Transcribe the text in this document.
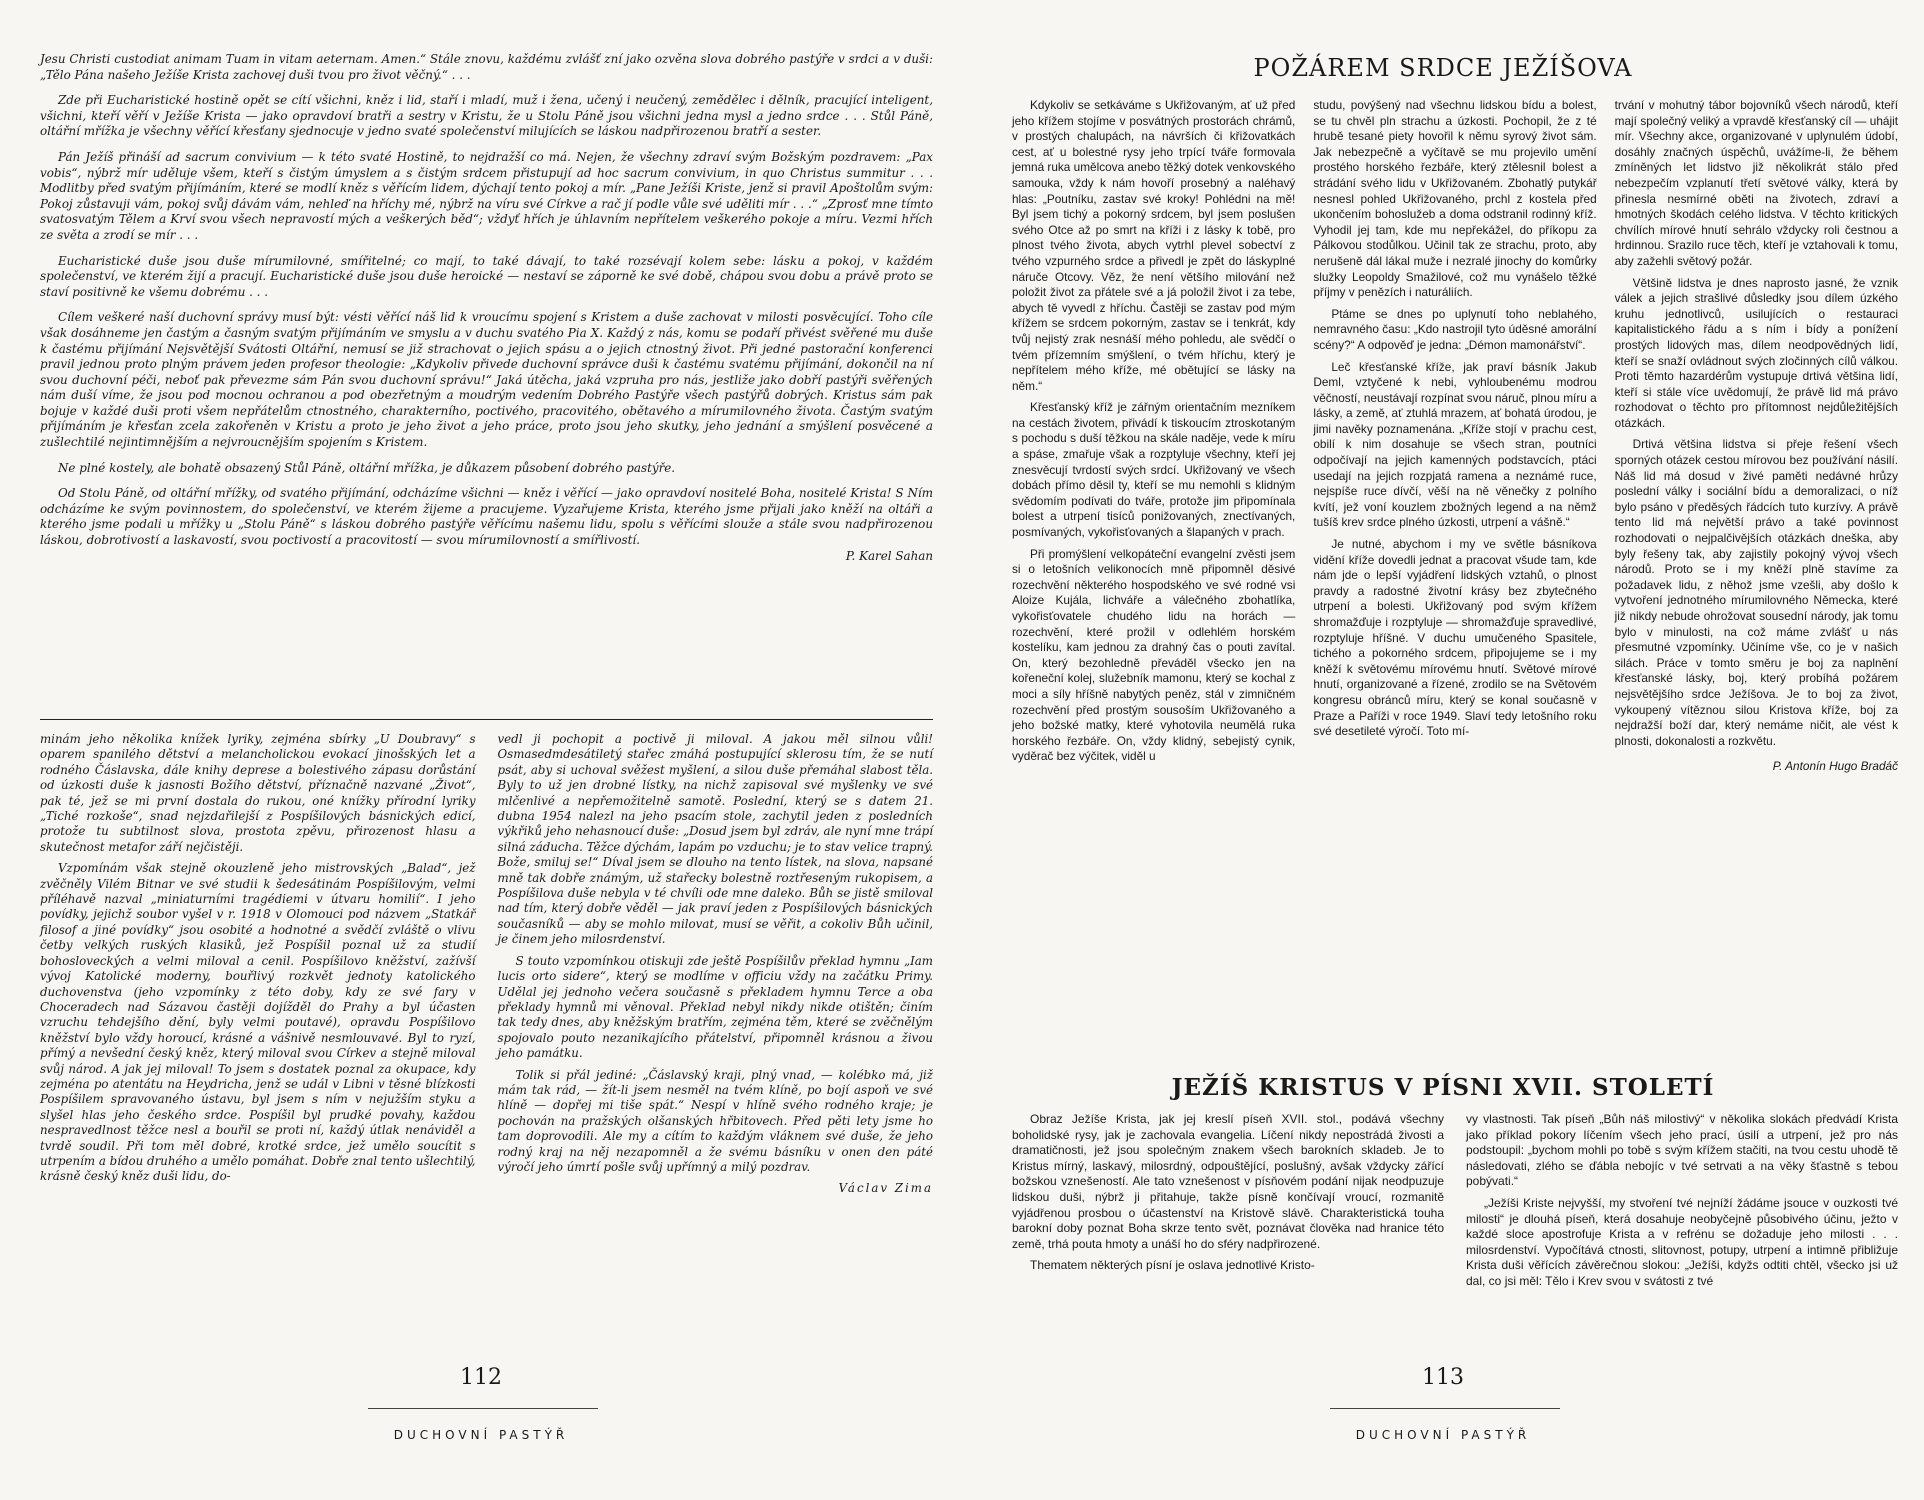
Jesu Christi custodiat animam Tuam in vitam aeternam. Amen.“ Stále znovu, každému zvlášť zní jako ozvěna slova dobrého pastýře v srdci a v duši: „Tělo Pána našeho Ježíše Krista zachovej duši tvou pro život věčný.“ . . .

Zde při Eucharistické hostině opět se cítí všichni, kněz i lid, staří i mladí, muž i žena, učený i neučený, zemědělec i dělník, pracující inteligent, všichni, kteří věří v Ježíše Krista — jako opravdoví bratři a sestry v Kristu, že u Stolu Páně jsou všichni jedna mysl a jedno srdce . . . Stůl Páně, oltářní mřížka je všechny věřící křesťany sjednocuje v jedno svaté společenství milujících se láskou nadpřirozenou bratří a sester.

Pán Ježíš přináší ad sacrum convivium — k této svaté Hostině, to nejdražší co má. Nejen, že všechny zdraví svým Božským pozdravem: „Pax vobis“, nýbrž mír uděluje všem, kteří s čistým úmyslem a s čistým srdcem přistupují ad hoc sacrum convivium, in quo Christus summitur . . . Modlitby před svatým přijímáním, které se modlí kněz s věřícím lidem, dýchají tento pokoj a mír. „Pane Ježíši Kriste, jenž si pravil Apoštolům svým: Pokoj zůstavuji vám, pokoj svůj dávám vám, nehleď na hříchy mé, nýbrž na víru své Církve a rač jí podle vůle své uděliti mír . . .“ „Zprosť mne tímto svatosvatým Tělem a Krví svou všech nepravostí mých a veškerých běd“; vždyť hřích je úhlavním nepřítelem veškerého pokoje a míru. Vezmi hřích ze světa a zrodí se mír . . .

Eucharistické duše jsou duše mírumilovné, smířitelné; co mají, to také dávají, to také rozsévají kolem sebe: lásku a pokoj, v každém společenství, ve kterém žijí a pracují. Eucharistické duše jsou duše heroické — nestaví se záporně ke své době, chápou svou dobu a právě proto se staví positivně ke všemu dobrému . . .

Cílem veškeré naší duchovní správy musí být: vésti věřící náš lid k vroucímu spojení s Kristem a duše zachovat v milosti posvěcující. Toho cíle však dosáhneme jen častým a časným svatým přijímáním ve smyslu a v duchu svatého Pia X. Každý z nás, komu se podaří přivést svěřené mu duše k častému přijímání Nejsvětější Svátosti Oltářní, nemusí se již strachovat o jejich spásu a o jejich ctnostný život. Při jedné pastorační konferenci pravil jednou proto plným právem jeden profesor theologie: „Kdykoliv přivede duchovní správce duši k častému svatému přijímání, dokončil na ní svou duchovní péči, neboť pak převezme sám Pán svou duchovní správu!“ Jaká útěcha, jaká vzpruha pro nás, jestliže jako dobří pastýři svěřených nám duší víme, že jsou pod mocnou ochranou a pod obezřetným a moudrým vedením Dobrého Pastýře všech pastýřů dobrých. Kristus sám pak bojuje v každé duši proti všem nepřátelům ctnostného, charakterního, poctivého, pracovitého, obětavého a mírumilovného života. Častým svatým přijímáním je křesťan zcela zakořeněn v Kristu a proto je jeho život a jeho práce, proto jsou jeho skutky, jeho jednání a smýšlení posvěcené a zušlechtilé nejintimnějším a nejvroucnějším spojením s Kristem.

Ne plné kostely, ale bohatě obsazený Stůl Páně, oltářní mřížka, je důkazem působení dobrého pastýře.

Od Stolu Páně, od oltářní mřížky, od svatého přijímání, odcházíme všichni — kněz i věřící — jako opravdoví nositelé Boha, nositelé Krista! S Ním odcházíme ke svým povinnostem, do společenství, ve kterém žijeme a pracujeme. Vyzařujeme Krista, kterého jsme přijali jako kněží na oltáři a kterého jsme podali u mřížky u „Stolu Páně“ s láskou dobrého pastýře věřícímu našemu lidu, spolu s věřícími slouže a stále svou nadpřirozenou láskou, dobrotivostí a laskavostí, svou poctivostí a pracovitostí — svou mírumilovností a smířlivostí.

P. Karel Sahan

minám jeho několika knížek lyriky, zejména sbírky „U Doubravy“ s oparem spanilého dětství a melancholickou evokací jinošských let a rodného Čáslavska, dále knihy deprese a bolestivého zápasu dorůstání od úzkosti duše k jasnosti Božího dětství, příznačně nazvané „Život“, pak té, jež se mi první dostala do rukou, oné knížky přírodní lyriky „Tiché rozkoše“, snad nejzdařilejší z Pospíšilových básnických edicí, protože tu subtilnost slova, prostota zpěvu, přirozenost hlasu a skutečnost metafor září nejčistěji.

Vzpomínám však stejně okouzleně jeho mistrovských „Balad“, jež zvěčněly Vilém Bitnar ve své studii k šedesátinám Pospíšilovým, velmi příléhavě nazval „miniaturními tragédiemi v útvaru homilií“. I jeho povídky, jejichž soubor vyšel v r. 1918 v Olomouci pod názvem „Statkář filosof a jiné povídky“ jsou osobité a hodnotné a svědčí zvláště o vlivu četby velkých ruských klasiků, jež Pospíšil poznal už za studií bohoslovecký́ch a velmi miloval a cenil. Pospíšilovo kněžství, zažívší vývoj Katolické moderny, bouřlivý rozkvět jednoty katolického duchovenstva (jeho vzpomínky z této doby, kdy ze své fary v Choceradech nad Sázavou častěji dojížděl do Prahy a byl účasten vzruchu tehdejšího dění, byly velmi poutavé), opravdu Pospíšilovo kněžství bylo vždy horoucí, krásné a vášnivě nesmlouvavé. Byl to ryzí, přímý a nevšední český kněz, který miloval svou Církev a stejně miloval svůj národ. A jak jej miloval! To jsem s dostatek poznal za okupace, kdy zejména po atentátu na Heydricha, jenž se udál v Libni v těsné blízkosti Pospíšilem spravovaného ústavu, byl jsem s ním v nejužším styku a slyšel hlas jeho českého srdce. Pospíšil byl prudké povahy, každou nespravedlnost těžce nesl a bouřil se proti ní, každý útlak nenáviděl a tvrdě soudil. Při tom měl dobré, krotké srdce, jež umělo soucítit s utrpením a bídou druhého a umělo pomáhat. Dobře znal tento ušlechtilý, krásně český kněz duši lidu, do-

vedl ji pochopit a poctivě ji miloval. A jakou měl silnou vůli! Osmasedmdesátiletý stařec zmáhá postupující sklerosu tím, že se nutí psát, aby si uchoval svěžest myšlení, a silou duše přemáhal slabost těla. Byly to už jen drobné lístky, na nichž zapisoval své myšlenky ve své mlčenlivé a nepřemožitelně samotě. Poslední, který se s datem 21. dubna 1954 nalezl na jeho psacím stole, zachytil jeden z posledních výkřiků jeho nehasnoucí duše: „Dosud jsem byl zdráv, ale nyní mne trápí silná záducha. Těžce dýchám, lapám po vzduchu; je to stav velice trapný. Bože, smiluj se!“ Díval jsem se dlouho na tento lístek, na slova, napsané mně tak dobře známým, už stařecky bolestně roztřeseným rukopisem, a Pospíšilova duše nebyla v té chvíli ode mne daleko. Bůh se jistě smiloval nad tím, který dobře věděl — jak praví jeden z Pospíšilových básnických současníků — aby se mohlo milovat, musí se věřit, a cokoliv Bůh učinil, je činem jeho milosrdenství.

S touto vzpomínkou otiskuji zde ještě Pospíšilův překlad hymnu „Iam lucis orto sidere“, který se modlíme v officiu vždy na začátku Primy. Udělal jej jednoho večera současně s překladem hymnu Terce a oba překlady hymnů mi věnoval. Překlad nebyl nikdy nikde otištěn; činím tak tedy dnes, aby kněžským bratřím, zejména těm, které se zvěčnělým spojovalo pouto nezanikajícího přátelství, připomněl krásnou a živou jeho památku.

Tolik si přál jediné: „Čáslavský kraji, plný vnad, — kolébko má, již mám tak rád, — žít-li jsem nesměl na tvém klíně, po bojí aspoň ve své hlíně — dopřej mi tiše spát.“ Nespí v hlíně svého rodného kraje; je pochován na pražských olšanských hřbitovech. Před pěti lety jsme ho tam doprovodili. Ale my a cítím to každým vláknem své duše, že jeho rodný kraj na něj nezapomněl a že svému básníku v onen den páté výročí jeho úmrtí pošle svůj upřímný a milý pozdrav.

Václav Zima
112
DUCHOVNÍ PASTÝŘ
POŽÁREM SRDCE JEŽÍŠOVA

Kdykoliv se setkáváme s Ukřižovaným, ať už před jeho křížem stojíme v posvátných prostorách chrámů, v prostých chalupách, na návrších či křižovatkách cest, ať u bolestné rysy jeho trpící tváře formovala jemná ruka umělcova anebo těžký dotek venkovského samouka, vždy k nám hovoří prosebný a naléhavý hlas: „Poutníku, zastav své kroky! Pohlédni na mě! Byl jsem tichý a pokorný srdcem, byl jsem poslušen svého Otce až po smrt na kříži i z lásky k tobě, pro plnost tvého života, abych vytrhl plevel sobectví z tvého vzpurného srdce a přivedl je zpět do láskyplné náruče Otcovy. Věz, že není většího milování než položit život za přátele své a já položil život i za tebe, abych tě vyvedl z hříchu. Častěji se zastav pod mým křížem se srdcem pokorným, zastav se i tenkrát, kdy tvůj nejistý zrak nesnáší mého pohledu, ale svědčí o tvém přízemním smýšlení, o tvém hříchu, který je nepřítelem mého kříže, mé obětující se lásky na něm.“

Křesťanský kříž je zářným orientačním mezníkem na cestách životem, přivádí k tiskoucím ztroskotaným s pochodu s duší těžkou na skále naděje, vede k míru a spáse, zmařuje však a rozptyluje všechny, kteří jej znesvěcují tvrdostí svých srdcí. Ukřižovaný ve všech dobách přímo děsil ty, kteří se mu nemohli s klidným svědomím podívati do tváře, protože jim připomínala bolest a utrpení tisíců ponižovaných, znectívaných, posmívaných, vykořisťovaných a šlapaných v prach.

Při promýšlení velkopáteční evangelní zvěsti jsem si o letošních velikonocích mně připomněl děsivé rozechvění některého hospodského ve své rodné vsi Aloize Kujála, lichváře a válečného zbohatlíka, vykořisťovatele chudého lidu na horách — rozechvění, které prožil v odlehlém horském kostelíku, kam jednou za drahný čas o pouti zavítal. On, který bezohledně převáděl všecko jen na kořeneční kolej, služebník mamonu, který se kochal z moci a síly hříšně nabytých peněz, stál v zimničném rozechvění před prostým sousoším Ukřižovaného a jeho božské matky, které vyhotovila neumělá ruka horského řezbáře. On, vždy klidný, sebejistý cynik, vyděrač bez výčitek, viděl u

studu, povýšený nad všechnu lidskou bídu a bolest, se tu chvěl pln strachu a úzkosti. Pochopil, že z té hrubě tesané piety hovořil k němu syrový život sám. Jak nebezpečně a vyčítavě se mu projevilo umění prostého horského řezbáře, který ztělesnil bolest a strádání svého lidu v Ukřižovaném. Zbohatlý putykář nesnesl pohled Ukřižovaného, prchl z kostela před ukončením bohoslužeb a doma odstranil rodinný kříž. Vyhodil jej tam, kde mu nepřekážel, do příkopu za Pálkovou stodůlkou. Učinil tak ze strachu, proto, aby nerušeně dál lákal muže i nezralé jinochy do komůrky služky Leopoldy Smažilové, což mu vynášelo těžké příjmy v penězích i naturáliích.

Ptáme se dnes po uplynutí toho neblahého, nemravného času: „Kdo nastrojil tyto úděsné amorální scény?“ A odpověď je jedna: „Démon mamonářství“.

Leč křesťanské kříže, jak praví básník Jakub Deml, vztyčené k nebi, vyhloubenému modrou věčností, neustávají rozpínat svou náruč, plnou míru a lásky, a země, ať ztuhlá mrazem, ať bohatá úrodou, je jimi navěky poznamenána. „Kříže stojí v prachu cest, obilí k nim dosahuje se všech stran, poutníci odpočívají na jejich kamenných podstavcích, ptáci usedají na jejich rozpjatá ramena a neznámé ruce, nejspíše ruce dívčí, věší na ně věnečky z polního kvítí, jež voní kouzlem zbožných legend a na němž tušíš krev srdce plného úzkosti, utrpení a vášně.“

Je nutné, abychom i my ve světle básníkova vidění kříže dovedli jednat a pracovat všude tam, kde nám jde o lepší vyjádření lidských vztahů, o plnost pravdy a radostné životní krásy bez zbytečného utrpení a bolesti. Ukřižovaný pod svým křížem shromažďuje i rozptyluje — shromažďuje spravedlivé, rozptyluje hříšné. V duchu umučeného Spasitele, tichého a pokorného srdcem, připojujeme se i my kněží k světovému mírovému hnutí. Světové mírové hnutí, organizované a řízené, zrodilo se na Světovém kongresu obránců míru, který se konal současně v Praze a Paříži v roce 1949. Slaví tedy letošního roku své desetileté výročí. Toto mí-

trvání v mohutný tábor bojovníků všech národů, kteří mají společný veliký a vpravdě křesťanský cíl — uhájit mír. Všechny akce, organizované v uplynulém údobí, dosáhly značných úspěchů, uvážíme-li, že během zmíněných let lidstvo již několikrát stálo před nebezpečím vzplanutí třetí světové války, která by přinesla nesmírné oběti na životech, zdraví a hmotných škodách celého lidstva. V těchto kritických chvílích mírové hnutí sehrálo vždycky roli čestnou a hrdinnou. Srazilo ruce těch, kteří je vztahovali k tomu, aby zažehli světový požár.

Většině lidstva je dnes naprosto jasné, že vznik válek a jejich strašlivé důsledky jsou dílem úzkého kruhu jednotlivců, usilujících o restauraci kapitalistického řádu a s ním i bídy a ponížení prostých lidových mas, dílem neodpovědných lidí, kteří se snaží ovládnout svých zločinných cílů válkou. Proti těmto hazardérům vystupuje drtivá většina lidí, kteří si stále více uvědomují, že právě lid má právo rozhodovat o těchto pro přítomnost nejdůležitějších otázkách.

Drtivá většina lidstva si přeje řešení všech sporných otázek cestou mírovou bez používání násilí. Náš lid má dosud v živé paměti nedávné hrůzy poslední války i sociální bídu a demoralizaci, o níž bylo psáno v předěsých řádcích tuto kurzívy. A právě tento lid má největší právo a také povinnost rozhodovati o nejpalčivějších otázkách dneška, aby byly řešeny tak, aby zajistily pokojný vývoj všech národů. Proto se i my kněží plně stavíme za požadavek lidu, z něhož jsme vzešli, aby došlo k vytvoření jednotného mírumilovného Německa, které již nikdy nebude ohrožovat sousední národy, jak tomu bylo v minulosti, na což máme zvlášť u nás přesmutné vzpomínky. Učiníme vše, co je v našich silách. Práce v tomto směru je boj za naplnění křesťanské lásky, boj, který probíhá požárem nejsvětějšího srdce Ježíšova. Je to boj za život, vykoupený vítěznou silou Kristova kříže, boj za nejdražší boží dar, který nemáme ničit, ale vést k plnosti, dokonalosti a rozkvětu.

P. Antonín Hugo Bradáč
JEŽÍŠ KRISTUS V PÍSNI XVII. STOLETÍ

Obraz Ježíše Krista, jak jej kreslí píseň XVII. stol., podává všechny boholidské rysy, jak je zachovala evangelia. Líčení nikdy nepostrádá živosti a dramatičnosti, jež jsou společným znakem všech barokních skladeb. Je to Kristus mírný, laskavý, milosrdný, odpouštějící, poslušný, avšak vždycky zářící božskou vznešeností. Ale tato vznešenost v písňovém podání nijak neodpuzuje lidskou duši, nýbrž ji přitahuje, takže písně končívají vroucí, rozmanitě vyjádřenou prosbou o účastenství na Kristově slávě. Charakteristická touha barokní doby poznat Boha skrze tento svět, poznávat člověka nad hranice této země, trhá pouta hmoty a unáší ho do sféry nadpřirozené.

Thematem některých písní je oslava jednotlivé Kristo-

vy vlastnosti. Tak píseň „Bůh náš milostivý“ v několika slokách předvádí Krista jako příklad pokory líčením všech jeho prací, úsilí a utrpení, jež pro nás podstoupil: „bychom mohli po tobě s svým křížem stačiti, na tvou cestu uhodě tě následovati, zlého se ďábla nebojíc v tvé setrvati a na věky šťastně s tebou pobývati.“

„Ježíši Kriste nejvyšší, my stvoření tvé nejníží žádáme jsouce v ouzkosti tvé milosti“ je dlouhá píseň, která dosahuje neobyčejně působivého účinu, ježto v každé sloce apostrofuje Krista a v refrénu se dožaduje jeho milosti . . . milosrdenství. Vypočítává ctnosti, slitovnost, potupy, utrpení a intimně přibližuje Krista duši věřících závěrečnou slokou: „Ježíši, kdyžs odtiti chtěl, všecko jsi už dal, co jsi měl: Tělo i Krev svou v svátosti z tvé

113
DUCHOVNÍ PASTÝŘ
